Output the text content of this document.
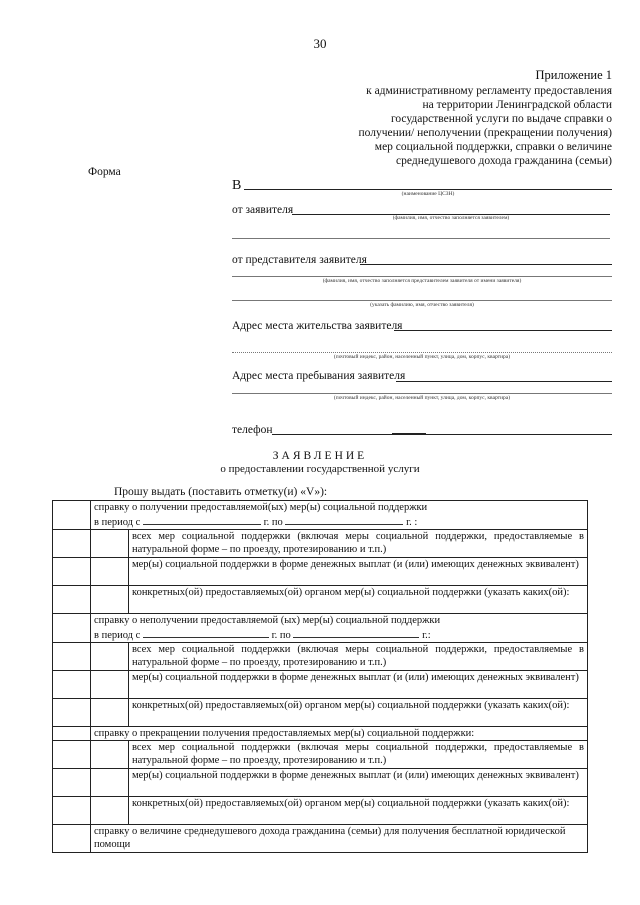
30
Приложение 1
к административному регламенту предоставления
на территории Ленинградской области
государственной услуги по выдаче справки о
получении/ неполучении (прекращении получения)
мер социальной поддержки, справки о величине
среднедушевого дохода гражданина (семьи)
Форма
В
(наименование ЦСЗН)
от заявителя
(фамилия, имя, отчество заполняется заявителем)
от представителя заявителя
(фамилия, имя, отчество заполняется представителем заявителя от имени заявителя)
(указать фамилию, имя, отчество заявителя)
Адрес места жительства заявителя
(почтовый индекс, район, населенный пункт, улица, дом, корпус, квартира)
Адрес места пребывания заявителя
(почтовый индекс, район, населенный пункт, улица, дом, корпус, квартира)
телефон
ЗАЯВЛЕНИЕ
о предоставлении государственной услуги
Прошу выдать (поставить отметку(и) «V»):

	справку о получении предоставляемой(ых) мер(ы) социальной поддержки
в период с г. по г. :	

		всех мер социальной поддержки (включая меры социальной поддержки, предоставляемые в натуральной форме – по проезду, протезированию и т.п.)
		мер(ы) социальной поддержки в форме денежных выплат (и (или) имеющих денежных эквивалент)
		конкретных(ой) предоставляемых(ой) органом мер(ы) социальной поддержки (указать каких(ой):

	справку о неполучении предоставляемой (ых) мер(ы) социальной поддержки
в период с г. по г.:	

		всех мер социальной поддержки (включая меры социальной поддержки, предоставляемые в натуральной форме – по проезду, протезированию и т.п.)
		мер(ы) социальной поддержки в форме денежных выплат (и (или) имеющих денежных эквивалент)
		конкретных(ой) предоставляемых(ой) органом мер(ы) социальной поддержки (указать каких(ой):
	справку о прекращении получения предоставляемых мер(ы) социальной поддержки:	
		всех мер социальной поддержки (включая меры социальной поддержки, предоставляемые в натуральной форме – по проезду, протезированию и т.п.)
		мер(ы) социальной поддержки в форме денежных выплат (и (или) имеющих денежных эквивалент)
		конкретных(ой) предоставляемых(ой) органом мер(ы) социальной поддержки (указать каких(ой):
	справку о величине среднедушевого дохода гражданина (семьи) для получения бесплатной юридической помощи	
